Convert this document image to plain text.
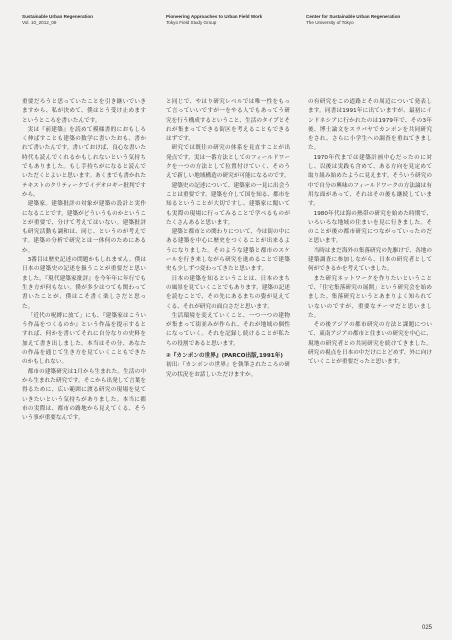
Sustainable Urban Regeneration
Vol. 10_2012_08
Pioneering Approaches to Urban Field Work
Tokyo Field Study Group
Center for Sustainable Urban Regeneration
The University of Tokyo

重要だろうと思っていたことを引き継いでいきますから、私が決めて、僕はとう受け止めますというところを書いたんです。

実は『前建築』を読めて模様書的におもしろく伸ばすことも建築の数学に書いたおも、書かれて書いたんです。書いておけば、良心な書いた時代も読んでくれるかもしれないという気持ちでもありました。もし手持ちがになると読んでいただくとよいと思います。あくまでも書かれたテキストのクリティークでイデオロギー批判ですから。

建築家。建築批評の対象が建築の設計と実作になることです。建築がどういうものかということが重要で、分けて考えてはいない。建築批評も研究活動も調和は、同じ、というのが考えです。建築の分析で研究とは一体何のためにあるか。

3番目は歴史記述の問題かもしれません。僕は日本の建築史の記述を扱うことが重要だと思いました。『現代建築家批評』を今年年に年行でも生き方が何もない。僕が多少はつても関わって書いたことが、僕はこそ書く楽しさだと思った。

「近代の呪縛に放て」にも、『建築家はこういう作品をつくるのか』という作品を提示するとすれば、何かを書いてそれに自分なりの史料を加えて書き出しました。本当はその分、あなたの作品を通じて生き方を見ていくこともできたのかもしれない。

都市の建築研究は1月から生まれた。生活の中から生まれた研究です。そこから出発して言葉を得るために、広い範囲に渡る研究の現場を見ていきたいという気持ちがありました。本当に都市の実際は、都市の路地から見えてくる、そういう事が重要なんです。

と同じで、やはり研究レベルでは唯一性をもって言っていいですが一をやる人でもあってう研究を行う構成するということ、生活のタイプとそれが集まってできる街区を考えることもできるはずです。

研究では既往の研究の体系を見直すことが出発点です。実は一番方法としてのフィールドワークを一つの方法として位置付けていく、そのうえで新しい地域構造の研究が可能になるのです。

建築史の記述について、建築家の一見に出会うことは重要です。建築を介して国を知る、都市を知るということが大切ですし、建築家に聞いても実際の現場に行ってみることで学べるものがたくさんあると思います。

建築と都市との関わりについて、今は街の中にある建築を中心に歴史をつくることが出来るようになりました。そのような建築と都市のスケールを行き来しながら研究を進めることで建築史も少しずつ変わってきたと思います。

日本の建築を知るということは、日本のまちの風景を見ていくことでもあります。建築の記述を読むことで、その先にあるまちの姿が見えてくる、それが研究の面白さだと思います。

生活環境を変えていくこと、一つ一つの建物が集まって街並みが作られ、それが地域の個性になっていく。それを記録し続けることが私たちの役割であると思います。

②『カンポンの世界』(PARCO出版,1991年)

初出:『カンポンの世界』を執筆されたころの研究の状況をお話しいただけますか。

の有研究をこの道路とその周辺について発表します。同書は1991年に出ていますが、最初にインドネシアに行かれたのは1979年で、その3年後、博士論文をスラバヤでカンポンを共同研究をされ、さらに小学生への調査を重ねてきました。

1970年代までは建築計画中心だったのに対し、以後は実践も含めて、ある方向を見定めて取り組み始めたように見えます。そういう研究の中で自分の興味のフィールドワークの方法論は有用な面があって、それはその後も継続しています。

1980年代は海の熱帯の研究を始めた時期で、いろいろな地域の住まいを見に行きました。そのことが後の都市研究につながっていったのだと思います。

当時はまだ海外の集落研究の先駆けで、各地の建築調査に参加しながら、日本の研究者として何ができるかを考えていました。

また研究ネットワークを作りたいということで、「住宅集落研究の展開」という研究会を始めました。集落研究というとあまりよく知られていないのですが、重要なテーマだと思いました。

その後アジアの都市研究の方法と課題について、東南アジアの都市と住まいの研究を中心に、現地の研究者との共同研究を続けてきました。研究の視点を日本の中だけにとどめず、外に向けていくことが重要だったと思います。

025
